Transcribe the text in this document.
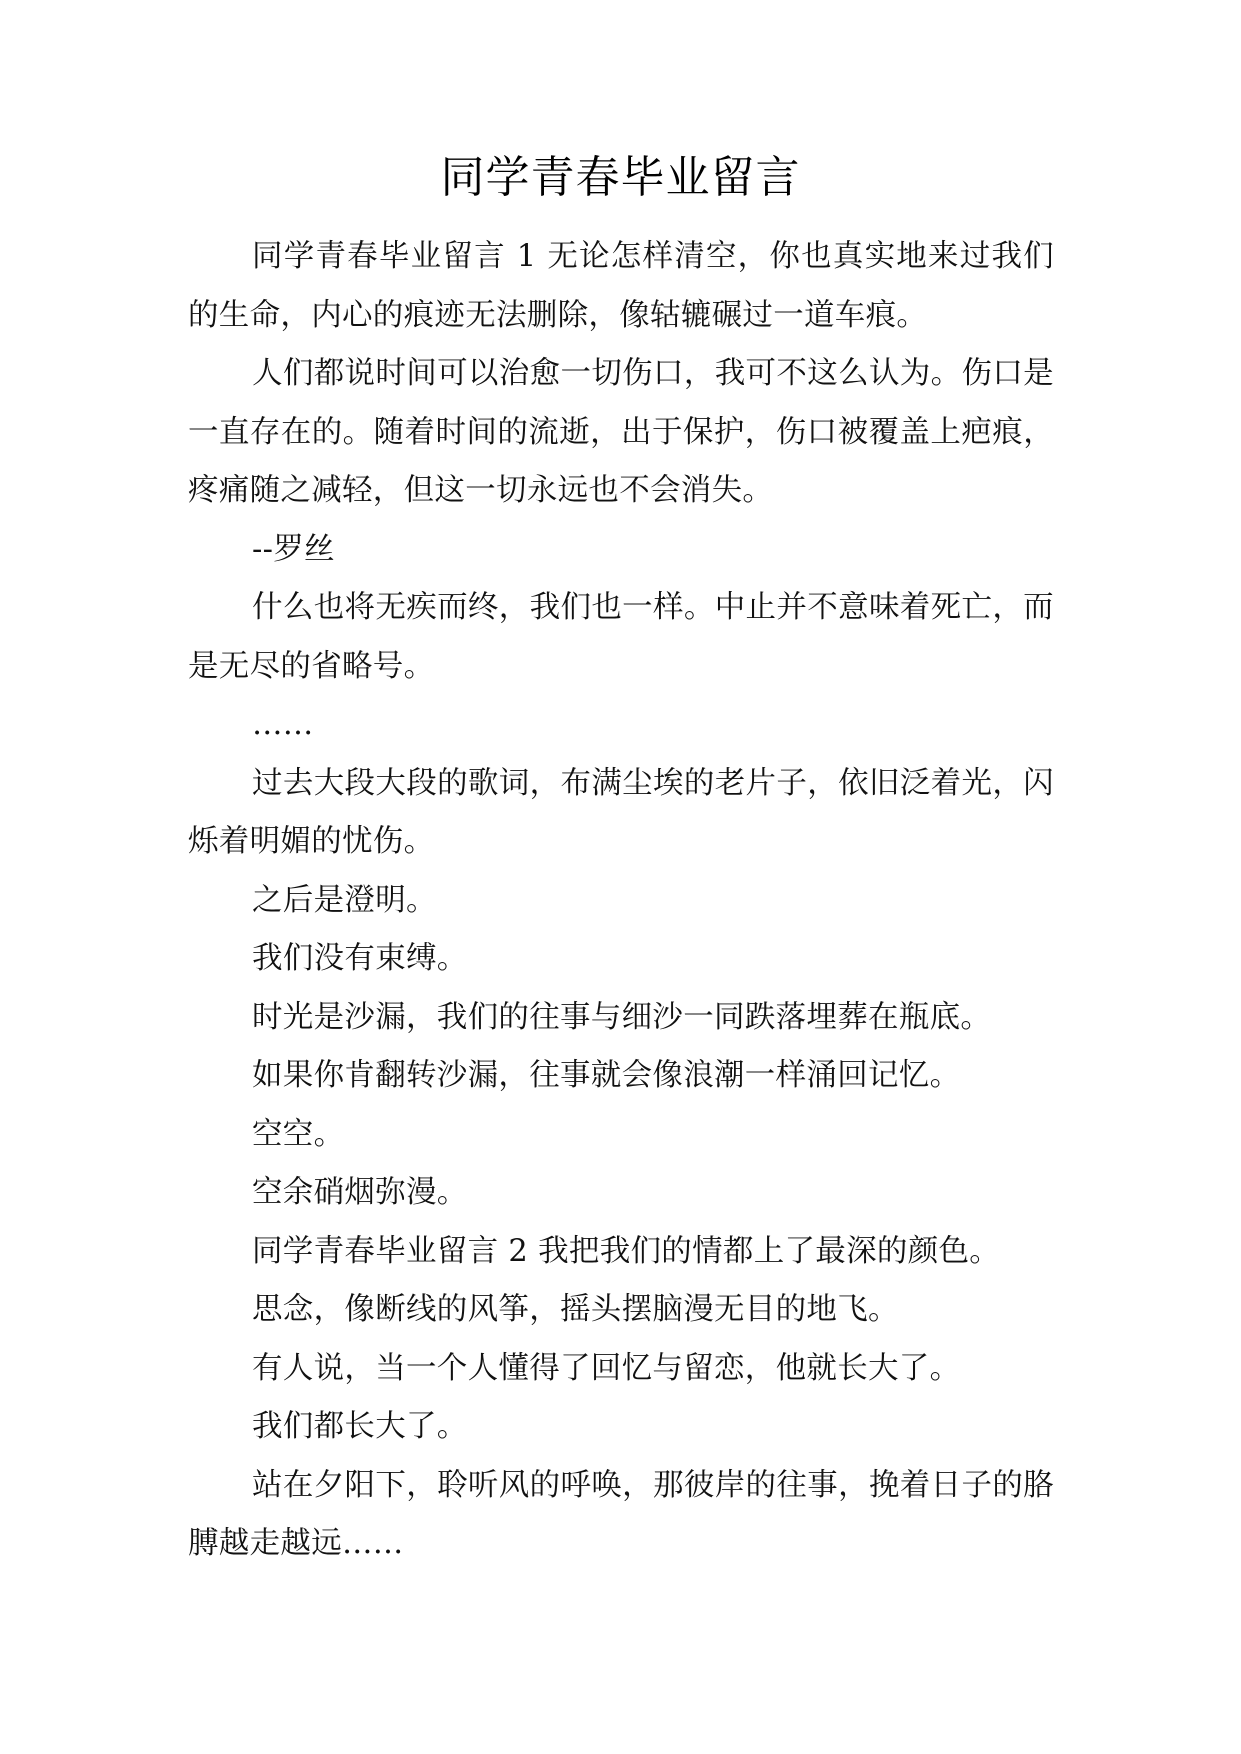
同学青春毕业留言

同学青春毕业留言 1 无论怎样清空，你也真实地来过我们的生命，内心的痕迹无法删除，像轱辘碾过一道车痕。

人们都说时间可以治愈一切伤口，我可不这么认为。伤口是一直存在的。随着时间的流逝，出于保护，伤口被覆盖上疤痕，疼痛随之减轻，但这一切永远也不会消失。

--罗丝

什么也将无疾而终，我们也一样。中止并不意味着死亡，而是无尽的省略号。

……

过去大段大段的歌词，布满尘埃的老片子，依旧泛着光，闪烁着明媚的忧伤。

之后是澄明。

我们没有束缚。

时光是沙漏，我们的往事与细沙一同跌落埋葬在瓶底。

如果你肯翻转沙漏，往事就会像浪潮一样涌回记忆。

空空。

空余硝烟弥漫。

同学青春毕业留言 2 我把我们的情都上了最深的颜色。

思念，像断线的风筝，摇头摆脑漫无目的地飞。

有人说，当一个人懂得了回忆与留恋，他就长大了。

我们都长大了。

站在夕阳下，聆听风的呼唤，那彼岸的往事，挽着日子的胳膊越走越远……
